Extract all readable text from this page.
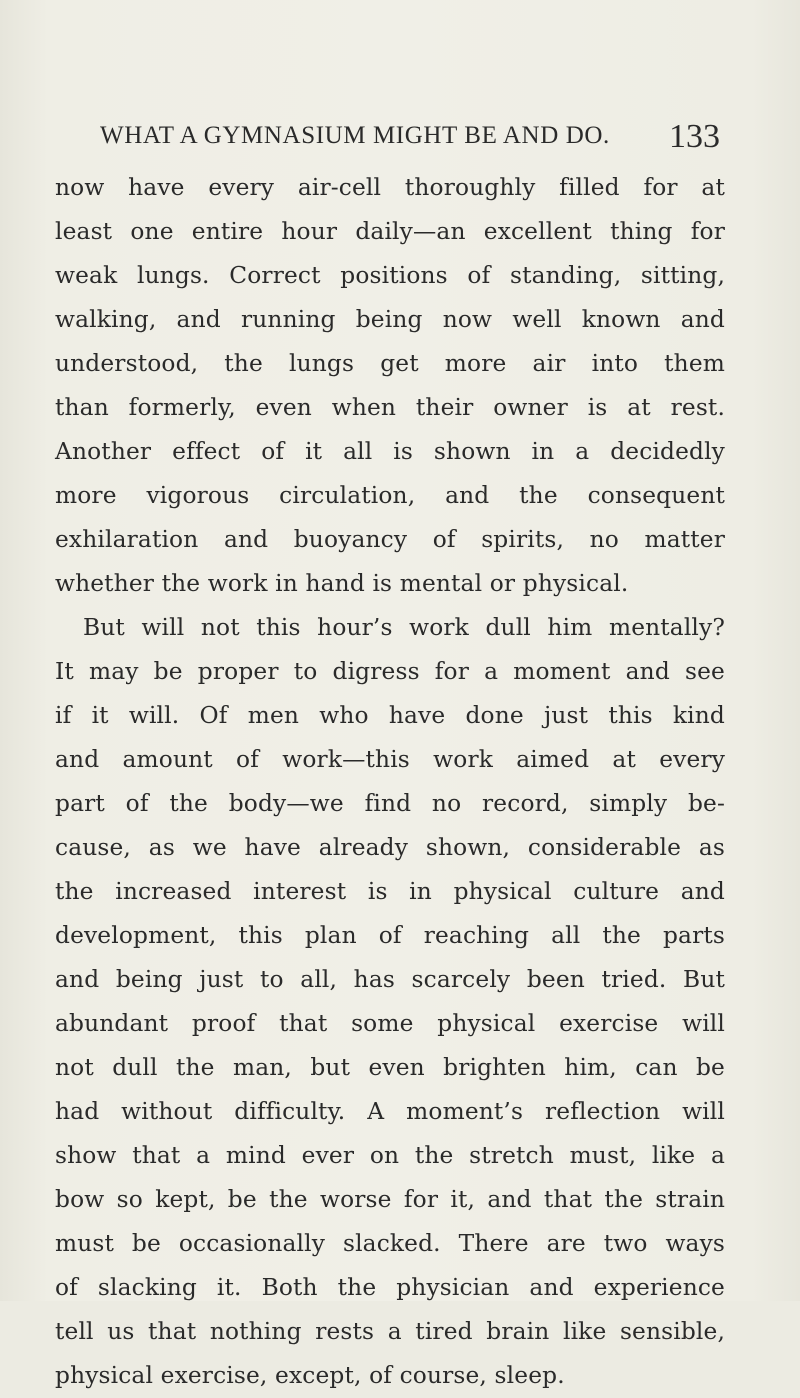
WHAT A GYMNASIUM MIGHT BE AND DO. 133
now have every air-cell thoroughly filled for at
least one entire hour daily—an excellent thing for
weak lungs. Correct positions of standing, sitting,
walking, and running being now well known and
understood, the lungs get more air into them
than formerly, even when their owner is at rest.
Another effect of it all is shown in a decidedly
more vigorous circulation, and the consequent
exhilaration and buoyancy of spirits, no matter
whether the work in hand is mental or physical.
But will not this hour’s work dull him mentally?
It may be proper to digress for a moment and see
if it will. Of men who have done just this kind
and amount of work—this work aimed at every
part of the body—we find no record, simply be-
cause, as we have already shown, considerable as
the increased interest is in physical culture and
development, this plan of reaching all the parts
and being just to all, has scarcely been tried. But
abundant proof that some physical exercise will
not dull the man, but even brighten him, can be
had without difficulty. A moment’s reflection will
show that a mind ever on the stretch must, like a
bow so kept, be the worse for it, and that the strain
must be occasionally slacked. There are two ways
of slacking it. Both the physician and experience
tell us that nothing rests a tired brain like sensible,
physical exercise, except, of course, sleep.
